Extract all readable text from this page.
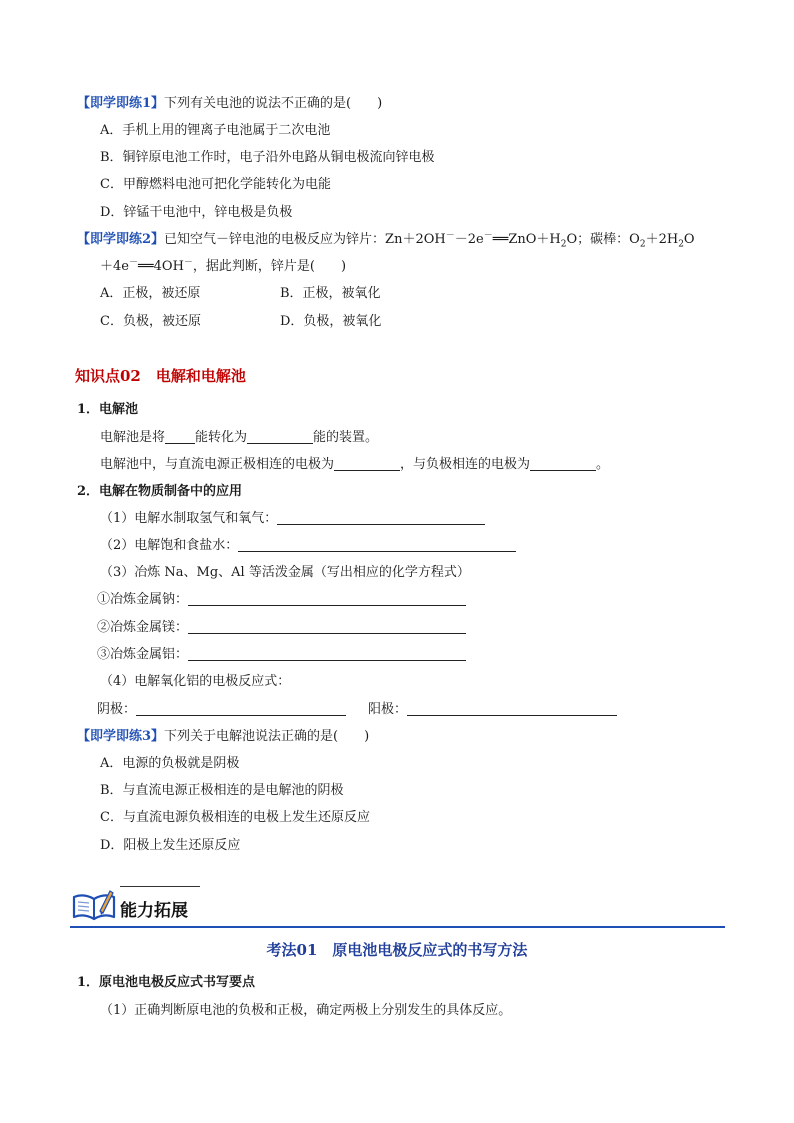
【即学即练1】下列有关电池的说法不正确的是(　　)
A．手机上用的锂离子电池属于二次电池
B．铜锌原电池工作时，电子沿外电路从铜电极流向锌电极
C．甲醇燃料电池可把化学能转化为电能
D．锌锰干电池中，锌电极是负极
【即学即练2】已知空气－锌电池的电极反应为锌片：$Zn+2OH^--2e^-══ZnO+H_2O$；碳棒：$O_2+2H_2O$
＋4e－══4OH－，据此判断，锌片是(　　)
A．正极，被还原	B．正极，被氧化
C．负极，被还原	D．负极，被氧化
知识点02　电解和电解池
1．电解池
电解池是将 能转化为	能的装置。
电解池中，与直流电源正极相连的电极为	，与负极相连的电极为	。
2．电解在物质制备中的应用
（1）电解水制取氢气和氧气：
（2）电解饱和食盐水：
（3）冶炼 Na、Mg、Al 等活泼金属（写出相应的化学方程式）
①冶炼金属钠：
②冶炼金属镁：
③冶炼金属铝：
（4）电解氧化铝的电极反应式：
阴极：	阳极：
【即学即练3】下列关于电解池说法正确的是(　　)
A．电源的负极就是阴极
B．与直流电源正极相连的是电解池的阴极
C．与直流电源负极相连的电极上发生还原反应
D．阳极上发生还原反应
能力拓展
考法01　原电池电极反应式的书写方法
1．原电池电极反应式书写要点
（1）正确判断原电池的负极和正极，确定两极上分别发生的具体反应。
